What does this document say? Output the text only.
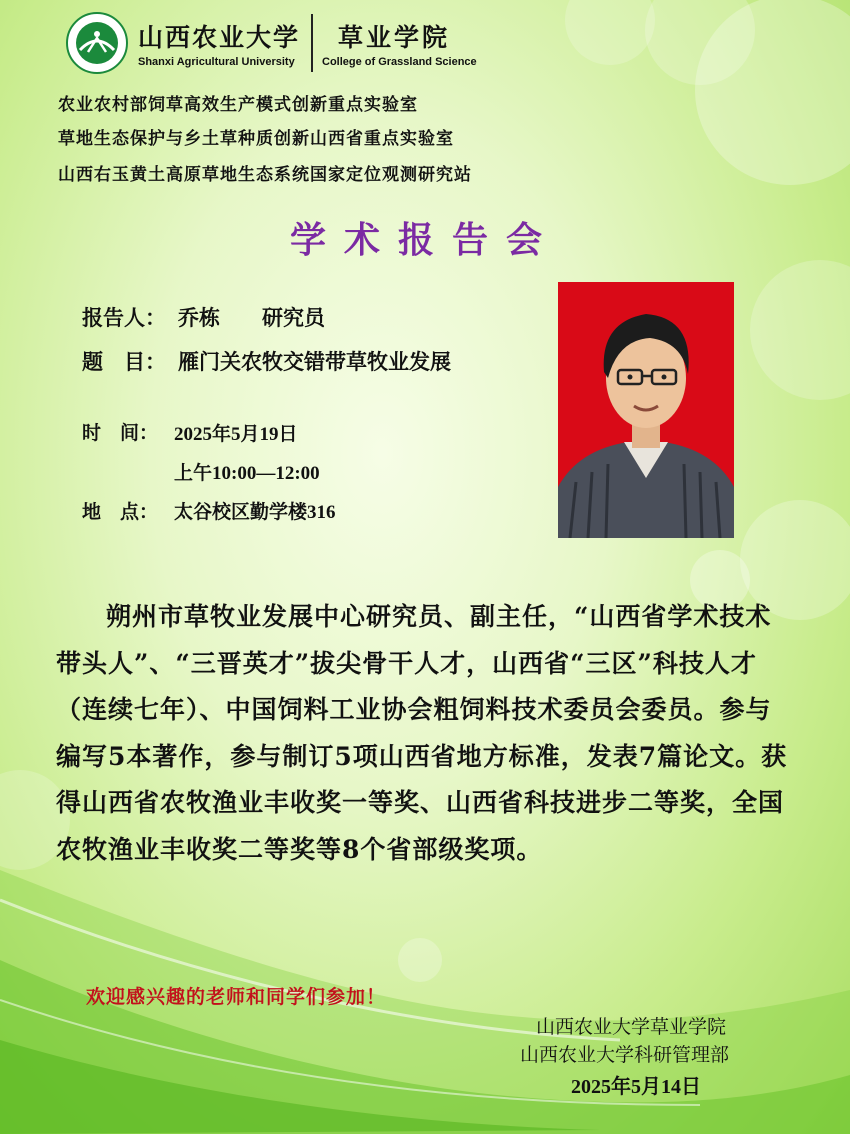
山西农业大学
Shanxi Agricultural University
草业学院
College of Grassland Science
农业农村部饲草高效生产模式创新重点实验室
草地生态保护与乡土草种质创新山西省重点实验室
山西右玉黄土高原草地生态系统国家定位观测研究站
学术报告会
报告人： 乔栋 研究员
题　目： 雁门关农牧交错带草牧业发展
时　间： 2025年5月19日
上午10:00—12:00
地　点： 太谷校区勤学楼316

朔州市草牧业发展中心研究员、副主任，“山西省学术技术带头人”、“三晋英才”拔尖骨干人才，山西省“三区”科技人才（连续七年）、中国饲料工业协会粗饲料技术委员会委员。参与编写5本著作，参与制订5项山西省地方标准，发表7篇论文。获得山西省农牧渔业丰收奖一等奖、山西省科技进步二等奖，全国农牧渔业丰收奖二等奖等8个省部级奖项。

欢迎感兴趣的老师和同学们参加！
山西农业大学草业学院
山西农业大学科研管理部
2025年5月14日
